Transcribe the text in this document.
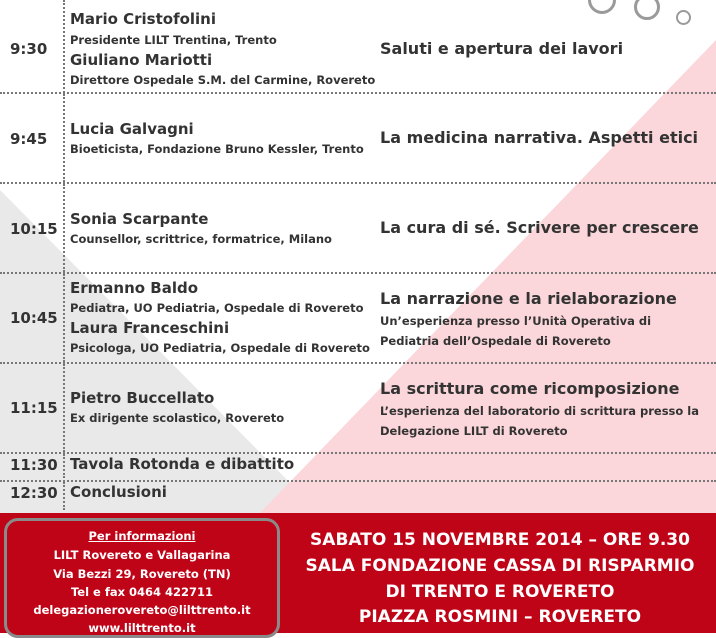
9:30
Mario Cristofolini
Presidente LILT Trentina, Trento
Giuliano Mariotti
Direttore Ospedale S.M. del Carmine, Rovereto
Saluti e apertura dei lavori
9:45
Lucia Galvagni
Bioeticista, Fondazione Bruno Kessler, Trento
La medicina narrativa. Aspetti etici
10:15
Sonia Scarpante
Counsellor, scrittrice, formatrice, Milano
La cura di sé. Scrivere per crescere
10:45
Ermanno Baldo
Pediatra, UO Pediatria, Ospedale di Rovereto
Laura Franceschini
Psicologa, UO Pediatria, Ospedale di Rovereto
La narrazione e la rielaborazione
Un’esperienza presso l’Unità Operativa di
Pediatria dell’Ospedale di Rovereto
11:15
Pietro Buccellato
Ex dirigente scolastico, Rovereto
La scrittura come ricomposizione
L’esperienza del laboratorio di scrittura presso la
Delegazione LILT di Rovereto
11:30 Tavola Rotonda e dibattito
12:30 Conclusioni
Per informazioni
LILT Rovereto e Vallagarina
Via Bezzi 29, Rovereto (TN)
Tel e fax 0464 422711
delegazionerovereto@lilttrento.it
www.lilttrento.it
SABATO 15 NOVEMBRE 2014 – ORE 9.30
SALA FONDAZIONE CASSA DI RISPARMIO
DI TRENTO E ROVERETO
PIAZZA ROSMINI – ROVERETO
